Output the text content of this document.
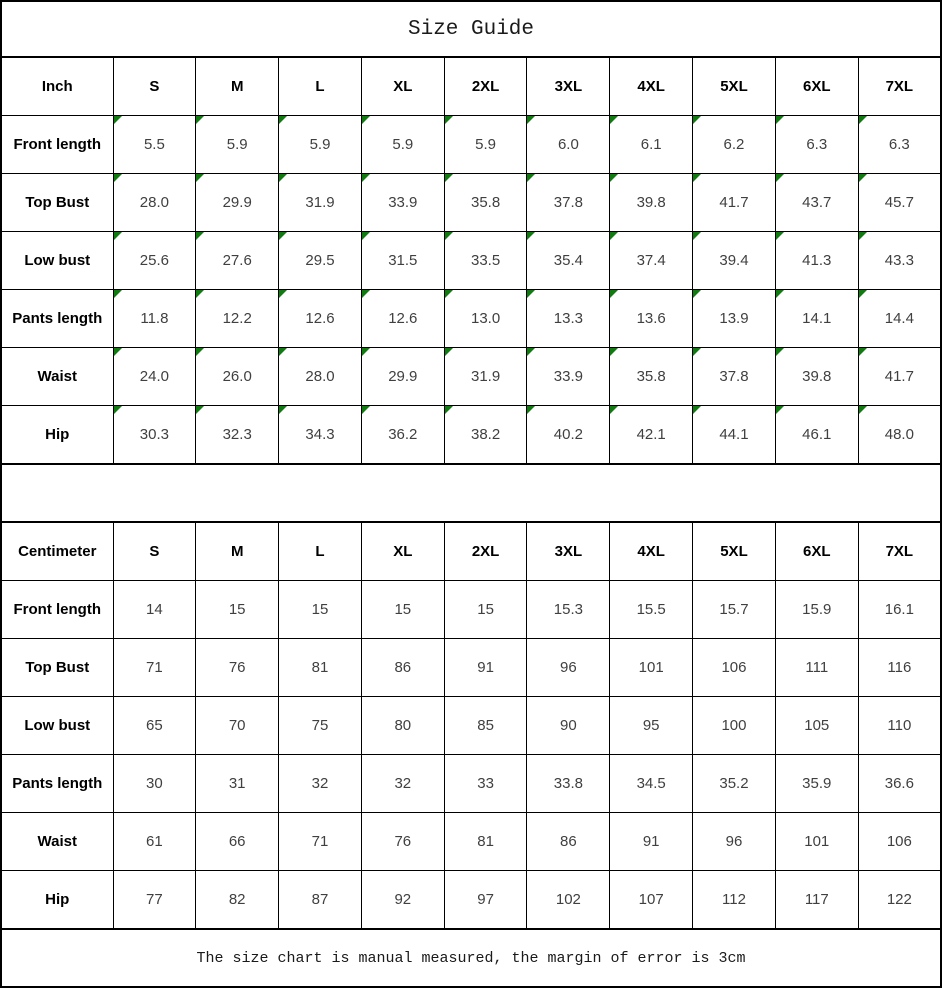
Size Guide										
Inch	S	M	L	XL	2XL	3XL	4XL	5XL	6XL	7XL
Front length	5.5	5.9	5.9	5.9	5.9	6.0	6.1	6.2	6.3	6.3
Top Bust	28.0	29.9	31.9	33.9	35.8	37.8	39.8	41.7	43.7	45.7
Low bust	25.6	27.6	29.5	31.5	33.5	35.4	37.4	39.4	41.3	43.3
Pants length	11.8	12.2	12.6	12.6	13.0	13.3	13.6	13.9	14.1	14.4
Waist	24.0	26.0	28.0	29.9	31.9	33.9	35.8	37.8	39.8	41.7
Hip	30.3	32.3	34.3	36.2	38.2	40.2	42.1	44.1	46.1	48.0

Centimeter	S	M	L	XL	2XL	3XL	4XL	5XL	6XL	7XL
Front length	14	15	15	15	15	15.3	15.5	15.7	15.9	16.1
Top Bust	71	76	81	86	91	96	101	106	111	116
Low bust	65	70	75	80	85	90	95	100	105	110
Pants length	30	31	32	32	33	33.8	34.5	35.2	35.9	36.6
Waist	61	66	71	76	81	86	91	96	101	106
Hip	77	82	87	92	97	102	107	112	117	122
The size chart is manual measured, the margin of error is 3cm										
